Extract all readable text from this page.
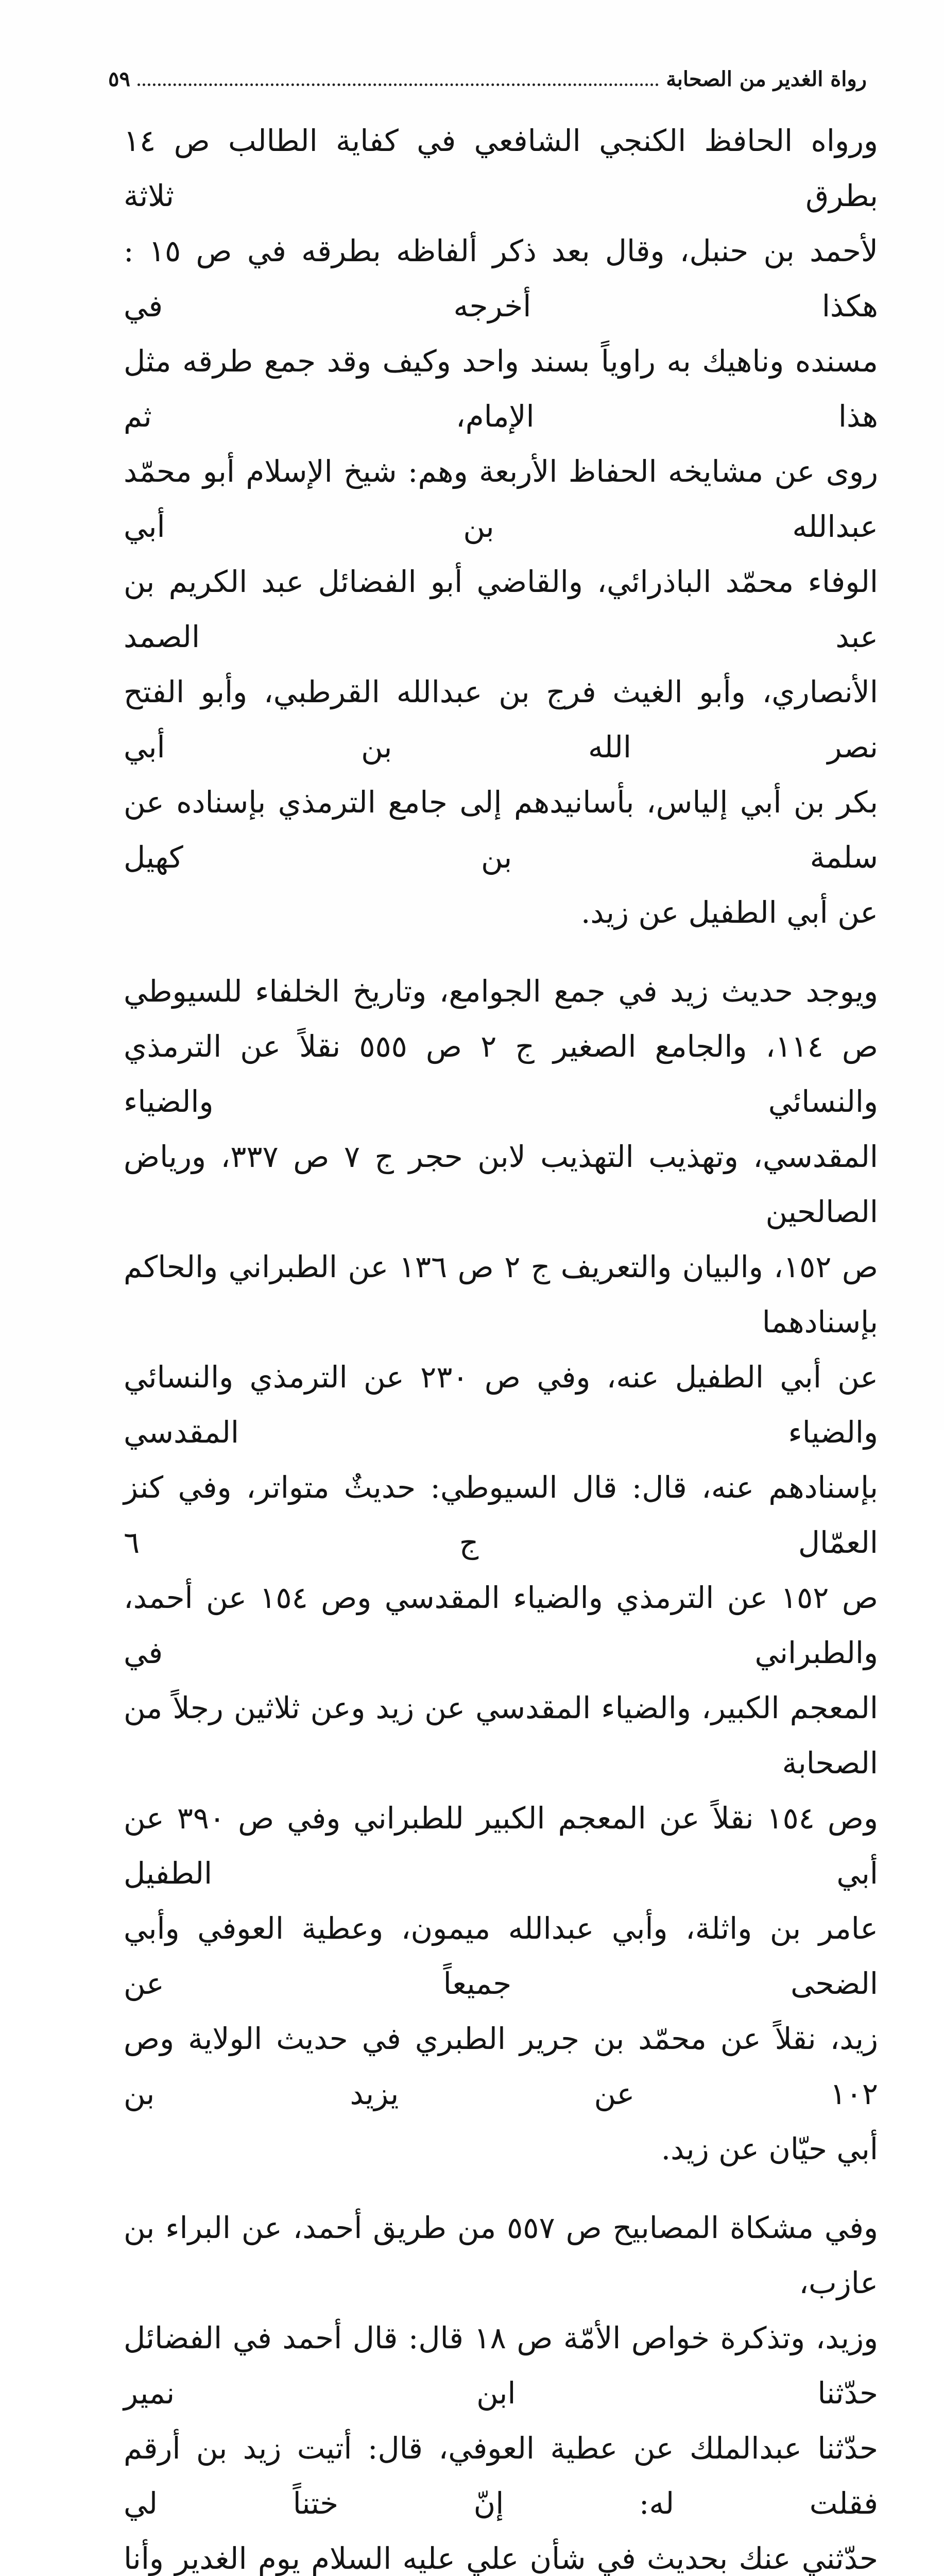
رواة الغدير من الصحابة
٥٩

ورواه الحافظ الكنجي الشافعي في كفاية الطالب ص ١٤ بطرق ثلاثة
لأحمد بن حنبل، وقال بعد ذكر ألفاظه بطرقه في ص ١٥ : هكذا أخرجه في
مسنده وناهيك به راوياً بسند واحد وكيف وقد جمع طرقه مثل هذا الإمام، ثم
روى عن مشايخه الحفاظ الأربعة وهم: شيخ الإسلام أبو محمّد عبدالله بن أبي
الوفاء محمّد الباذرائي، والقاضي أبو الفضائل عبد الكريم بن عبد الصمد
الأنصاري، وأبو الغيث فرج بن عبدالله القرطبي، وأبو الفتح نصر الله بن أبي
بكر بن أبي إلياس، بأسانيدهم إلى جامع الترمذي بإسناده عن سلمة بن كهيل
عن أبي الطفيل عن زيد.

ويوجد حديث زيد في جمع الجوامع، وتاريخ الخلفاء للسيوطي
ص ١١٤، والجامع الصغير ج ٢ ص ٥٥٥ نقلاً عن الترمذي والنسائي والضياء
المقدسي، وتهذيب التهذيب لابن حجر ج ٧ ص ٣٣٧، ورياض الصالحين
ص ١٥٢، والبيان والتعريف ج ٢ ص ١٣٦ عن الطبراني والحاكم بإسنادهما
عن أبي الطفيل عنه، وفي ص ٢٣٠ عن الترمذي والنسائي والضياء المقدسي
بإسنادهم عنه، قال: قال السيوطي: حديثٌ متواتر، وفي كنز العمّال ج ٦
ص ١٥٢ عن الترمذي والضياء المقدسي وص ١٥٤ عن أحمد، والطبراني في
المعجم الكبير، والضياء المقدسي عن زيد وعن ثلاثين رجلاً من الصحابة
وص ١٥٤ نقلاً عن المعجم الكبير للطبراني وفي ص ٣٩٠ عن أبي الطفيل
عامر بن واثلة، وأبي عبدالله ميمون، وعطية العوفي وأبي الضحى جميعاً عن
زيد، نقلاً عن محمّد بن جرير الطبري في حديث الولاية وص ١٠٢ عن يزيد بن
أبي حيّان عن زيد.

وفي مشكاة المصابيح ص ٥٥٧ من طريق أحمد، عن البراء بن عازب،
وزيد، وتذكرة خواص الأمّة ص ١٨ قال: قال أحمد في الفضائل حدّثنا ابن نمير
حدّثنا عبدالملك عن عطية العوفي، قال: أتيت زيد بن أرقم فقلت له: إنّ ختناً لي
حدّثني عنك بحديث في شأن علي عليه السلام يوم الغدير وأنا
